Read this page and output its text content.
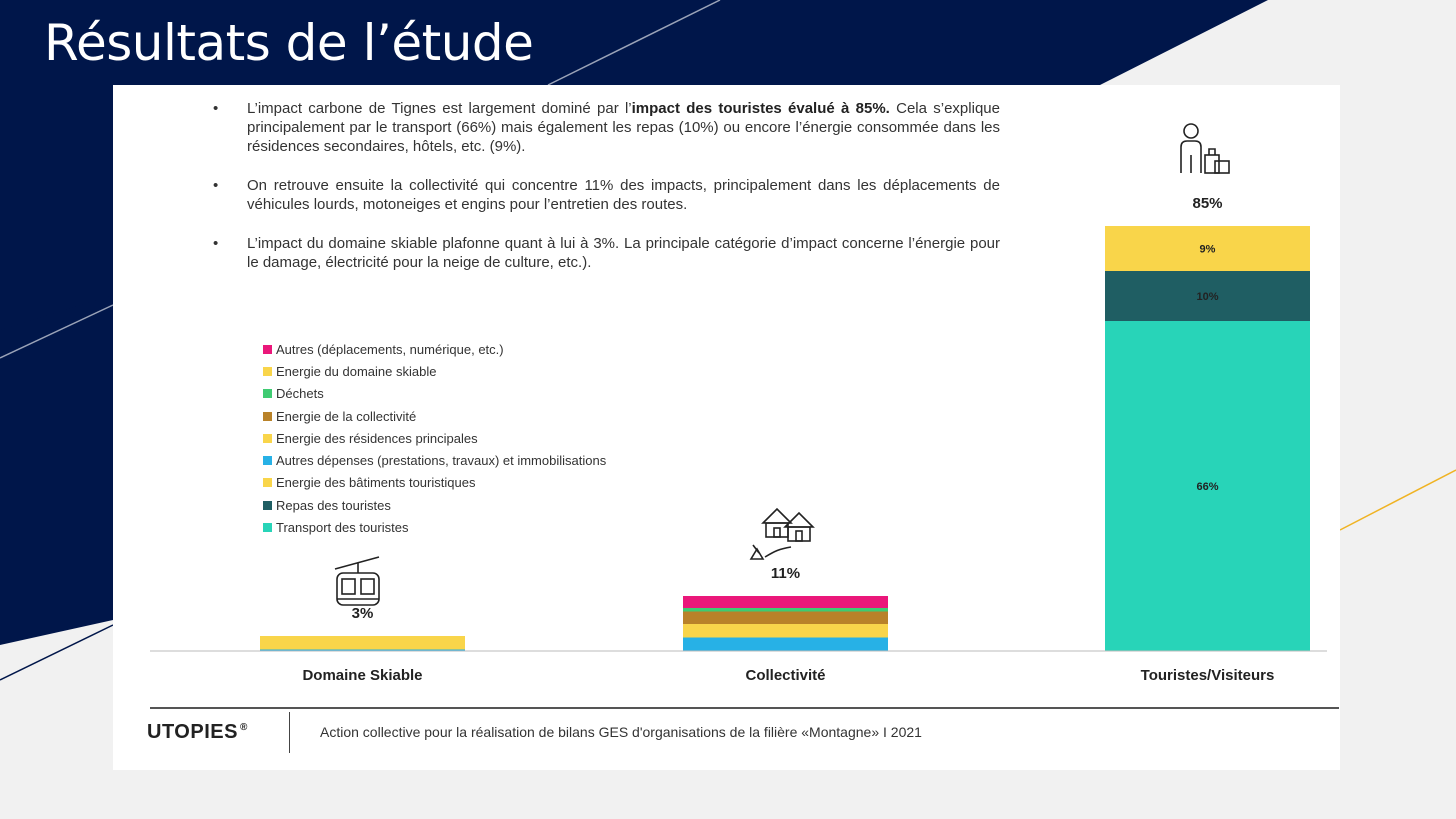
Résultats de l’étude
• L’impact carbone de Tignes est largement dominé par l’impact des touristes évalué à 85%. Cela s’explique principalement par le transport (66%) mais également les repas (10%) ou encore l’énergie consommée dans les résidences secondaires, hôtels, etc. (9%).
• On retrouve ensuite la collectivité qui concentre 11% des impacts, principalement dans les déplacements de véhicules lourds, motoneiges et engins pour l’entretien des routes.
• L’impact du domaine skiable plafonne quant à lui à 3%. La principale catégorie d’impact concerne l’énergie pour le damage, électricité pour la neige de culture, etc.).
Autres (déplacements, numérique, etc.)
Energie du domaine skiable
Déchets
Energie de la collectivité
Energie des résidences principales
Autres dépenses (prestations, travaux) et immobilisations
Energie des bâtiments touristiques
Repas des touristes
Transport des touristes
66%
10%
9%
Domaine Skiable	Collectivité	Touristes/Visiteurs
3%
11%
85%
UTOPIES ®	Action collective pour la réalisation de bilans GES d'organisations de la filière «Montagne» I 2021
